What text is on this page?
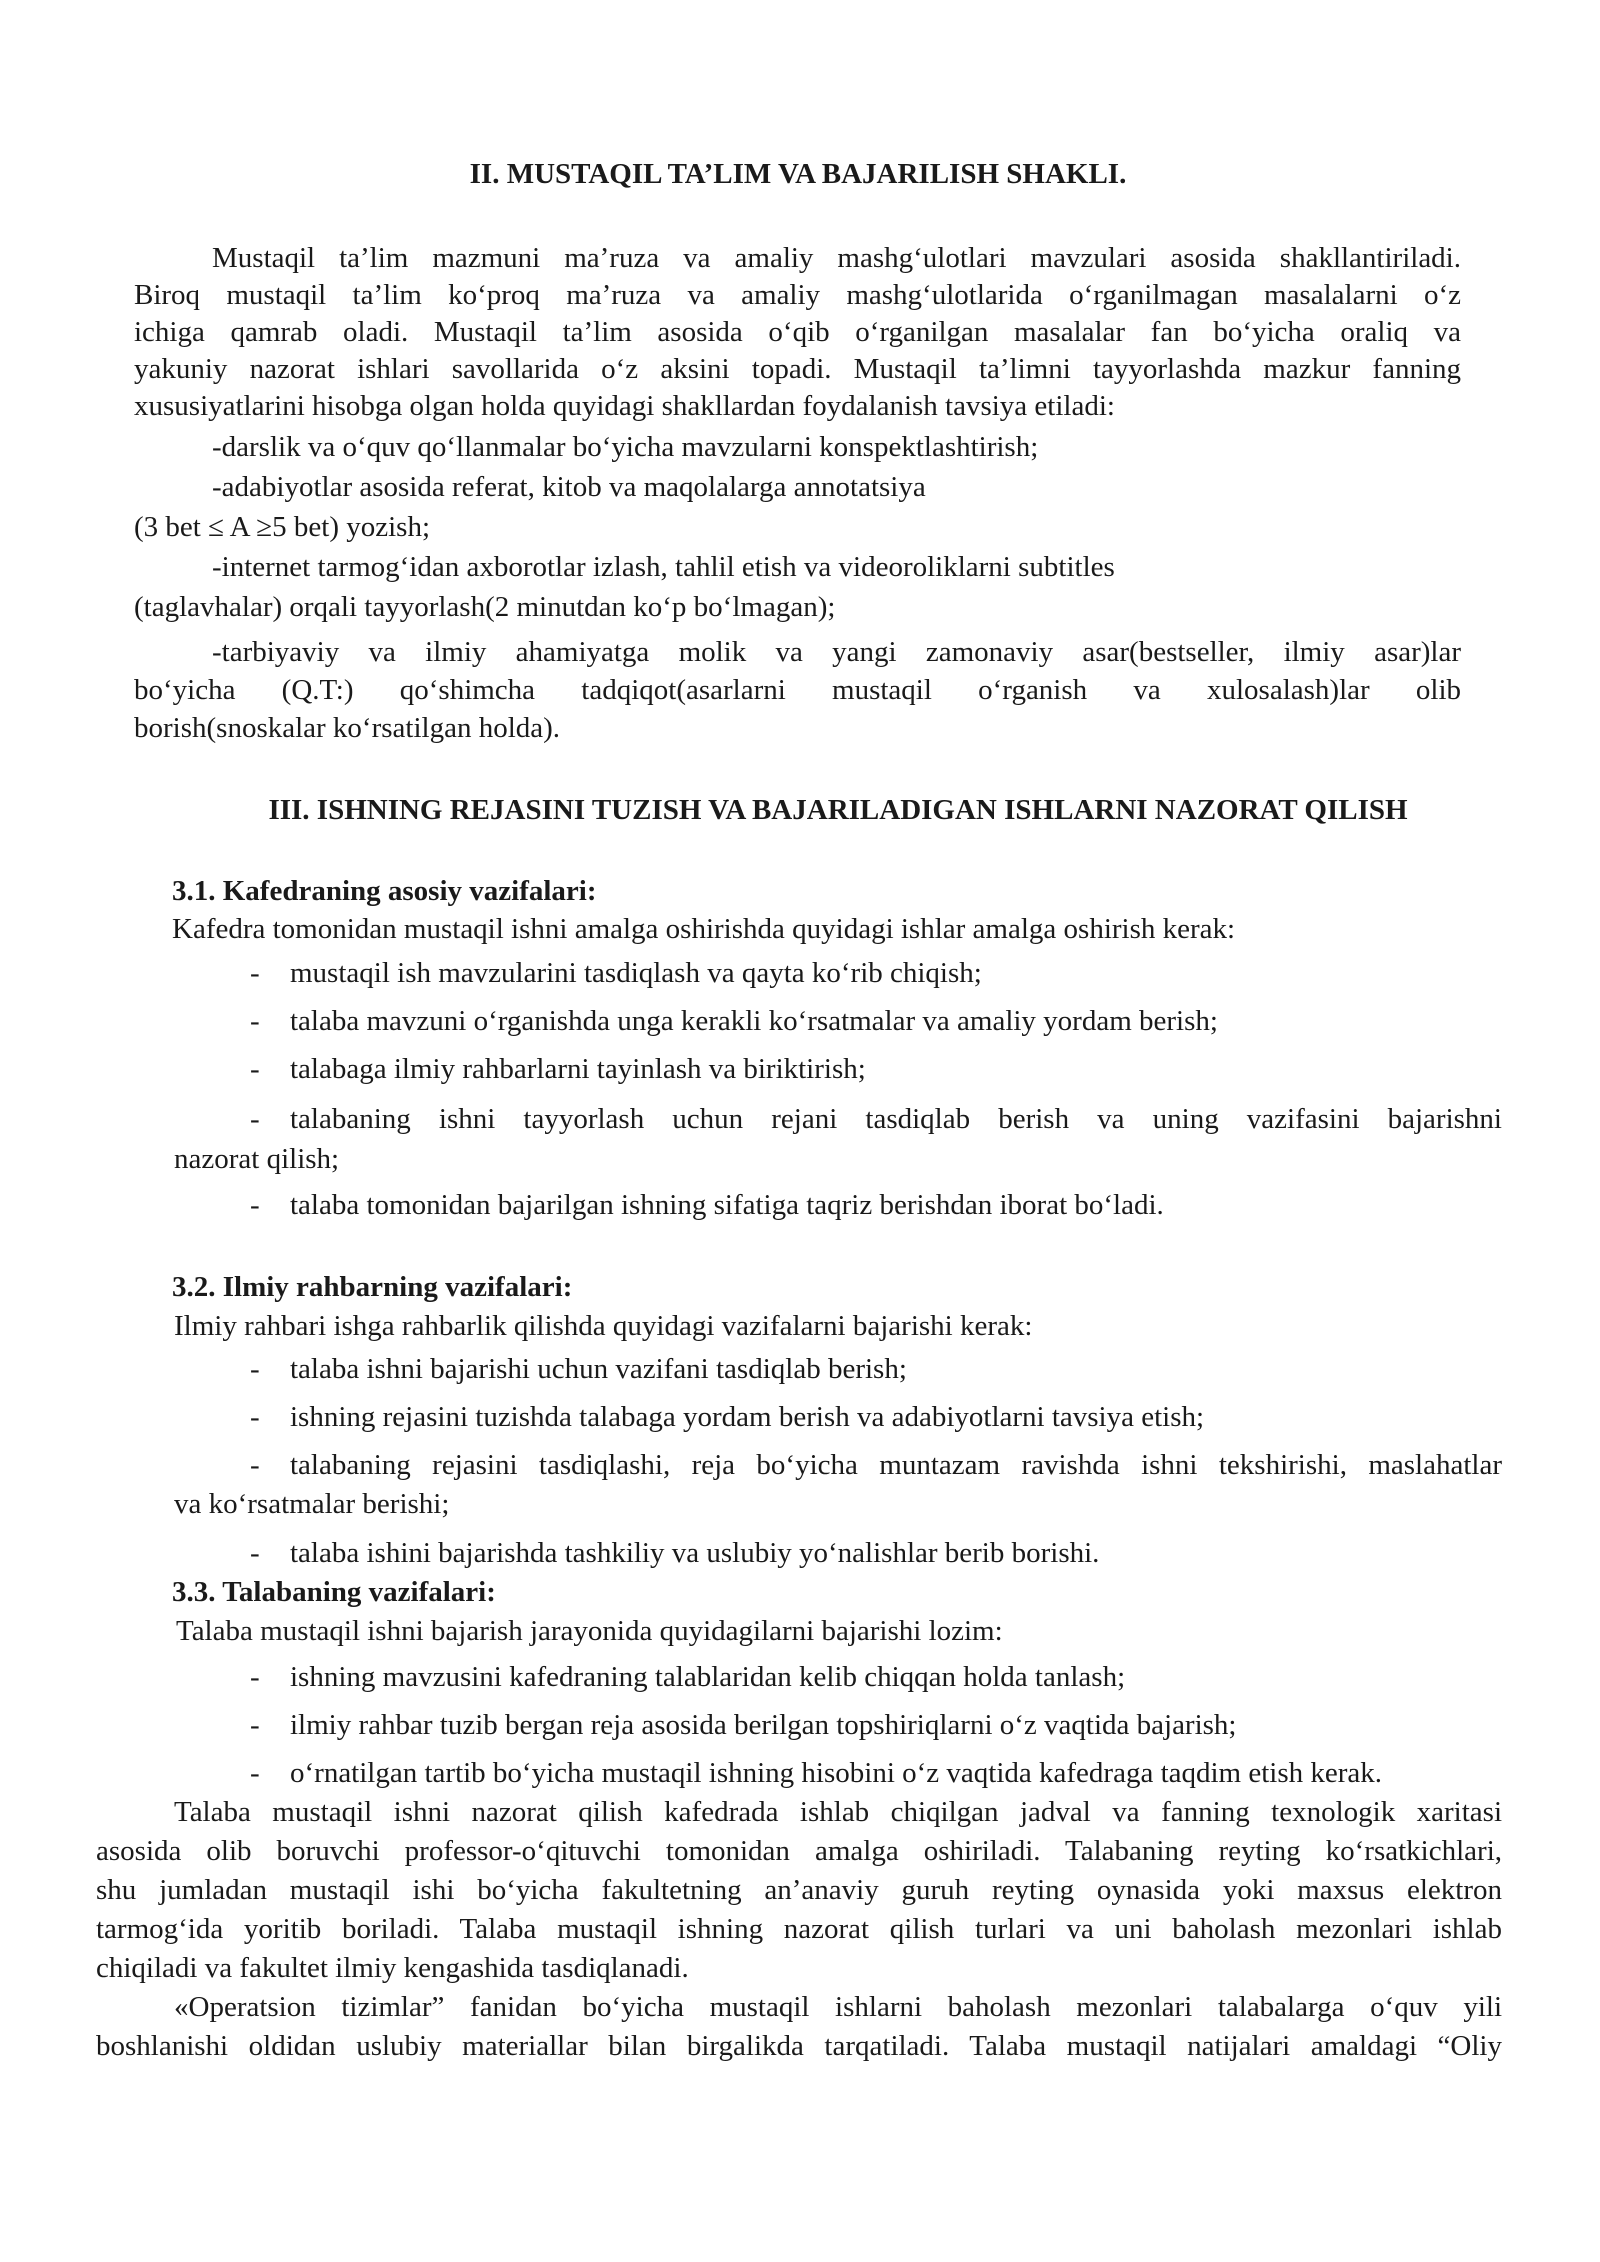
II. MUSTAQIL TA’LIM VA BAJARILISH SHAKLI.
Mustaqil ta’lim mazmuni ma’ruza va amaliy mashg‘ulotlari mavzulari asosida shakllantiriladi.
Biroq mustaqil ta’lim ko‘proq ma’ruza va amaliy mashg‘ulotlarida o‘rganilmagan masalalarni o‘z
ichiga qamrab oladi. Mustaqil ta’lim asosida o‘qib o‘rganilgan masalalar fan bo‘yicha oraliq va
yakuniy nazorat ishlari savollarida o‘z aksini topadi. Mustaqil ta’limni tayyorlashda mazkur fanning
xususiyatlarini hisobga olgan holda quyidagi shakllardan foydalanish tavsiya etiladi:
-darslik va o‘quv qo‘llanmalar bo‘yicha mavzularni konspektlashtirish;
-adabiyotlar asosida referat, kitob va maqolalarga annotatsiya
(3 bet ≤ A ≥5 bet) yozish;
-internet tarmog‘idan axborotlar izlash, tahlil etish va videoroliklarni subtitles
(taglavhalar) orqali tayyorlash(2 minutdan ko‘p bo‘lmagan);
-tarbiyaviy va ilmiy ahamiyatga molik va yangi zamonaviy asar(bestseller, ilmiy asar)lar
bo‘yicha (Q.T:) qo‘shimcha tadqiqot(asarlarni mustaqil o‘rganish va xulosalash)lar olib
borish(snoskalar ko‘rsatilgan holda).
III. ISHNING REJASINI TUZISH VA BAJARILADIGAN ISHLARNI NAZORAT QILISH
3.1. Kafedraning asosiy vazifalari:
Kafedra tomonidan mustaqil ishni amalga oshirishda quyidagi ishlar amalga oshirish kerak:
- mustaqil ish mavzularini tasdiqlash va qayta ko‘rib chiqish;
- talaba mavzuni o‘rganishda unga kerakli ko‘rsatmalar va amaliy yordam berish;
- talabaga ilmiy rahbarlarni tayinlash va biriktirish;
- talabaning ishni tayyorlash uchun rejani tasdiqlab berish va uning vazifasini bajarishni
nazorat qilish;
- talaba tomonidan bajarilgan ishning sifatiga taqriz berishdan iborat bo‘ladi.
3.2. Ilmiy rahbarning vazifalari:
Ilmiy rahbari ishga rahbarlik qilishda quyidagi vazifalarni bajarishi kerak:
- talaba ishni bajarishi uchun vazifani tasdiqlab berish;
- ishning rejasini tuzishda talabaga yordam berish va adabiyotlarni tavsiya etish;
- talabaning rejasini tasdiqlashi, reja bo‘yicha muntazam ravishda ishni tekshirishi, maslahatlar
va ko‘rsatmalar berishi;
- talaba ishini bajarishda tashkiliy va uslubiy yo‘nalishlar berib borishi.
3.3. Talabaning vazifalari:
Talaba mustaqil ishni bajarish jarayonida quyidagilarni bajarishi lozim:
- ishning mavzusini kafedraning talablaridan kelib chiqqan holda tanlash;
- ilmiy rahbar tuzib bergan reja asosida berilgan topshiriqlarni o‘z vaqtida bajarish;
- o‘rnatilgan tartib bo‘yicha mustaqil ishning hisobini o‘z vaqtida kafedraga taqdim etish kerak.
Talaba mustaqil ishni nazorat qilish kafedrada ishlab chiqilgan jadval va fanning texnologik xaritasi
asosida olib boruvchi professor-o‘qituvchi tomonidan amalga oshiriladi. Talabaning reyting ko‘rsatkichlari,
shu jumladan mustaqil ishi bo‘yicha fakultetning an’anaviy guruh reyting oynasida yoki maxsus elektron
tarmog‘ida yoritib boriladi. Talaba mustaqil ishning nazorat qilish turlari va uni baholash mezonlari ishlab
chiqiladi va fakultet ilmiy kengashida tasdiqlanadi.
«Operatsion tizimlar” fanidan bo‘yicha mustaqil ishlarni baholash mezonlari talabalarga o‘quv yili
boshlanishi oldidan uslubiy materiallar bilan birgalikda tarqatiladi. Talaba mustaqil natijalari amaldagi “Oliy
